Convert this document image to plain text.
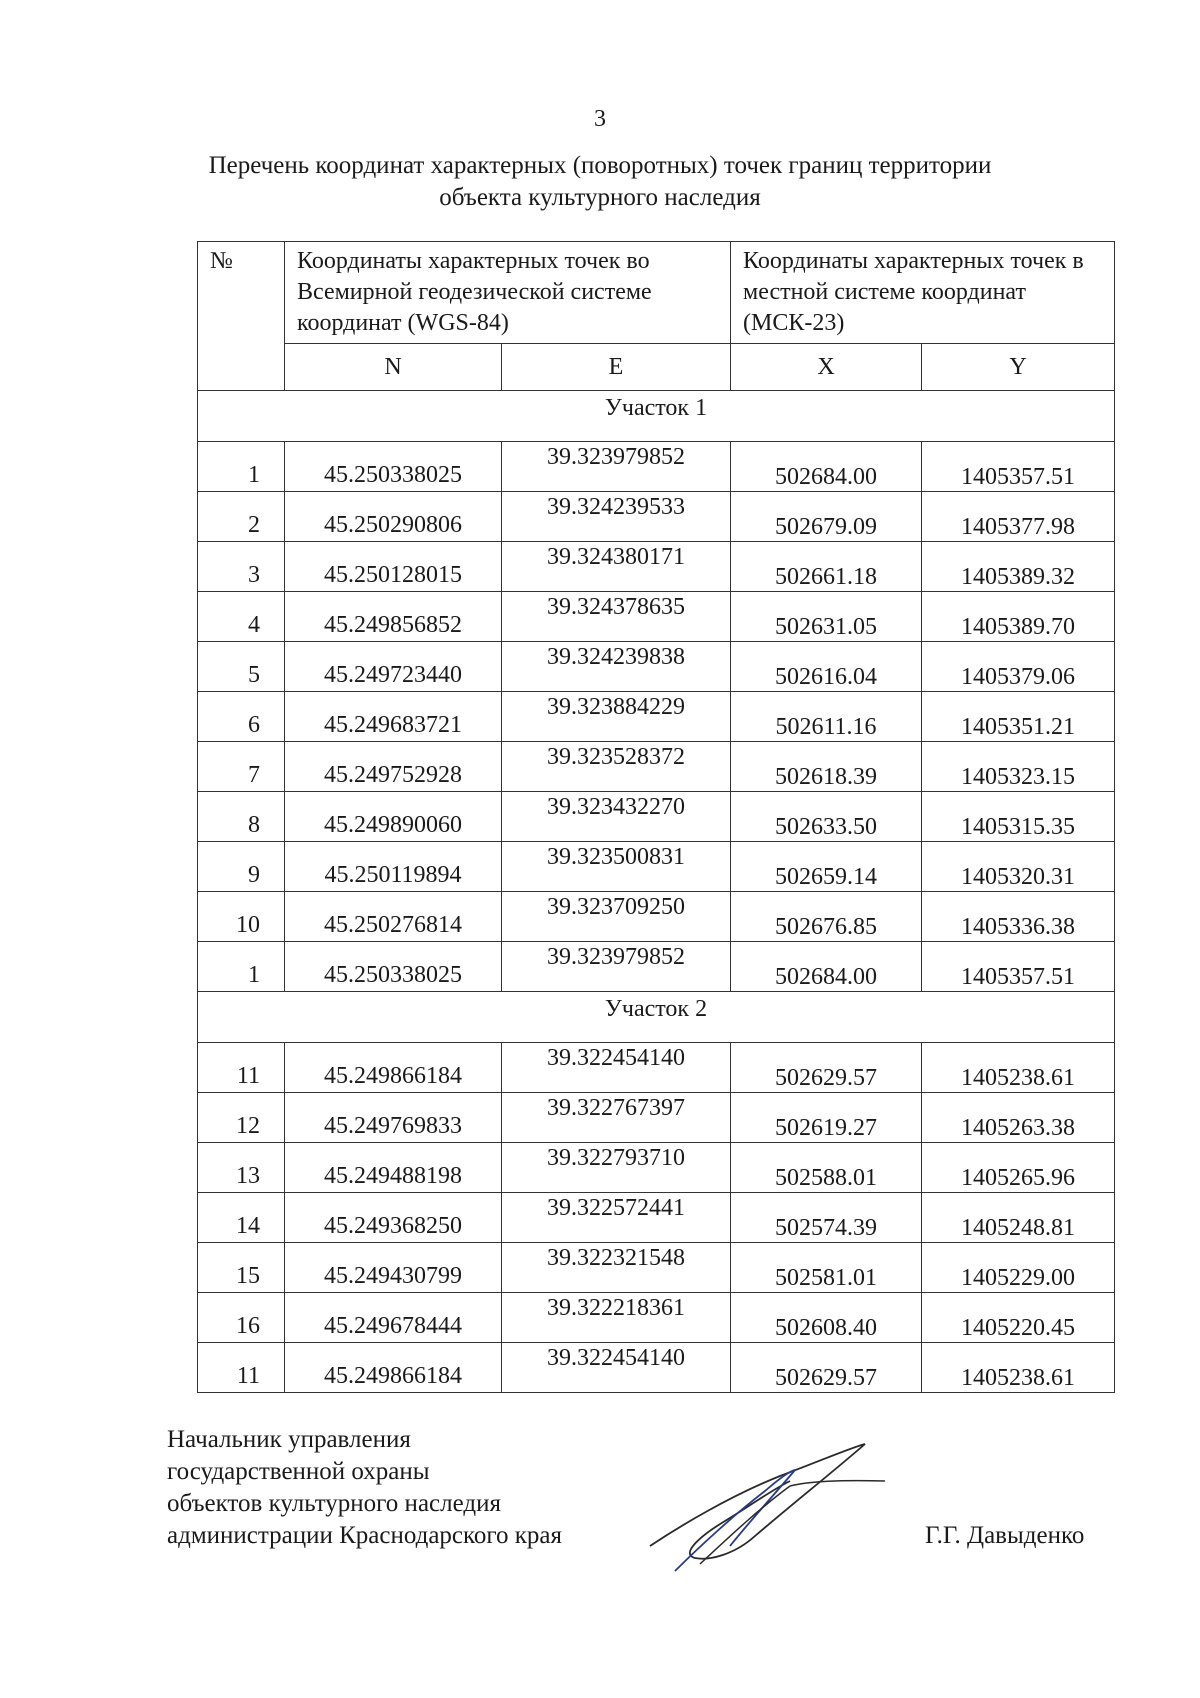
3
Перечень координат характерных (поворотных) точек границ территории
объекта культурного наследия
№	Координаты характерных точек во Всемирной геодезической системе координат (WGS-84)		Координаты характерных точек в местной системе координат (МСК-23)	
	N	E	X	Y
Участок 1				
1	45.250338025	39.323979852	502684.00	1405357.51
2	45.250290806	39.324239533	502679.09	1405377.98
3	45.250128015	39.324380171	502661.18	1405389.32
4	45.249856852	39.324378635	502631.05	1405389.70
5	45.249723440	39.324239838	502616.04	1405379.06
6	45.249683721	39.323884229	502611.16	1405351.21
7	45.249752928	39.323528372	502618.39	1405323.15
8	45.249890060	39.323432270	502633.50	1405315.35
9	45.250119894	39.323500831	502659.14	1405320.31
10	45.250276814	39.323709250	502676.85	1405336.38
1	45.250338025	39.323979852	502684.00	1405357.51
Участок 2				
11	45.249866184	39.322454140	502629.57	1405238.61
12	45.249769833	39.322767397	502619.27	1405263.38
13	45.249488198	39.322793710	502588.01	1405265.96
14	45.249368250	39.322572441	502574.39	1405248.81
15	45.249430799	39.322321548	502581.01	1405229.00
16	45.249678444	39.322218361	502608.40	1405220.45
11	45.249866184	39.322454140	502629.57	1405238.61
Начальник управления
государственной охраны
объектов культурного наследия
администрации Краснодарского края	Г.Г. Давыденко
